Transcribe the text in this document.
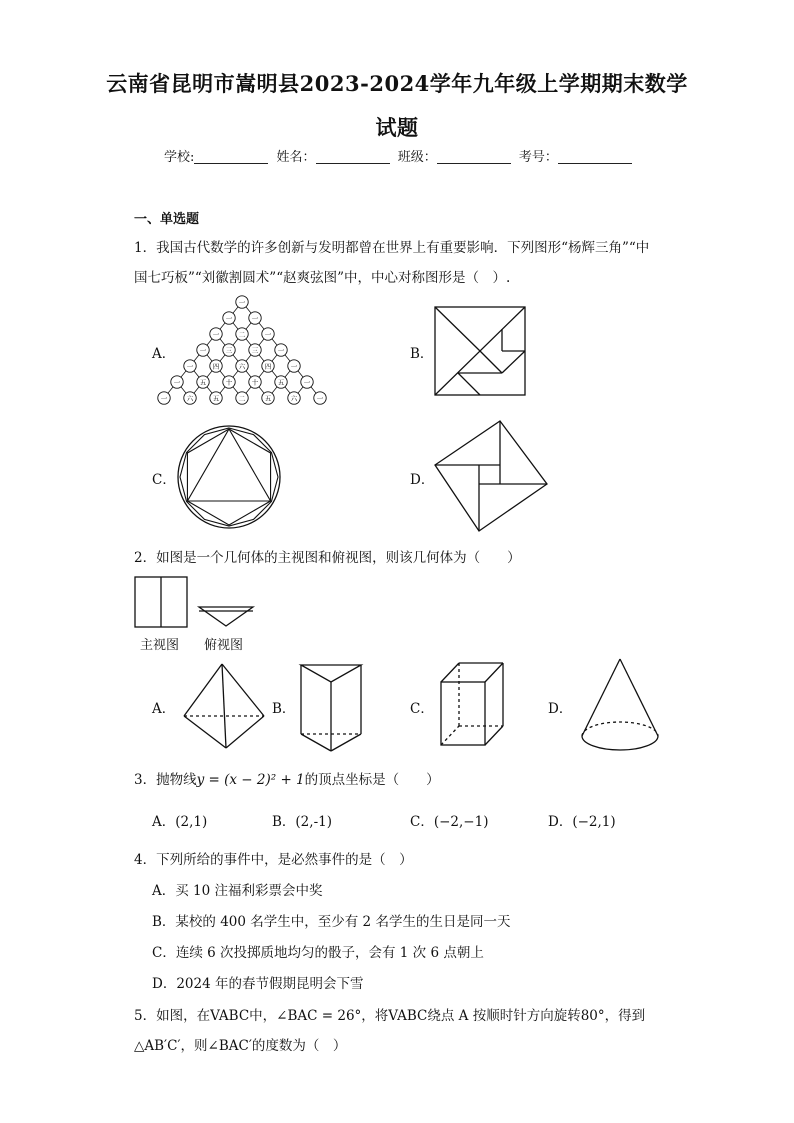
云南省昆明市嵩明县2023-2024学年九年级上学期期末数学
试题
学校:	姓名：	班级：	考号：
一、单选题
1．我国古代数学的许多创新与发明都曾在世界上有重要影响．下列图形“杨辉三角”“中
国七巧板”“刘徽割圆术”“赵爽弦图”中，中心对称图形是（　）.
A．
一
一	一
一	二	一
一	三	三	一
一	四	六	四	一
一	五	十	十	五	一
一	六	五	二	五	六	一
B．
C．	D．
2．如图是一个几何体的主视图和俯视图，则该几何体为（　　）
主视图 俯视图
A．	B．	C．	D．
3．抛物线y = (x − 2)² + 1的顶点坐标是（　　）
A．(2,1)	B．(2,-1)	C．(−2,−1)	D．(−2,1)
4．下列所给的事件中，是必然事件的是（　）
A．买 10 注福利彩票会中奖
B．某校的 400 名学生中，至少有 2 名学生的生日是同一天
C．连续 6 次投掷质地均匀的骰子，会有 1 次 6 点朝上
D．2024 年的春节假期昆明会下雪
5．如图，在VABC中，∠BAC = 26°，将VABC绕点 A 按顺时针方向旋转80°，得到
△AB′C′，则∠BAC′的度数为（　）
